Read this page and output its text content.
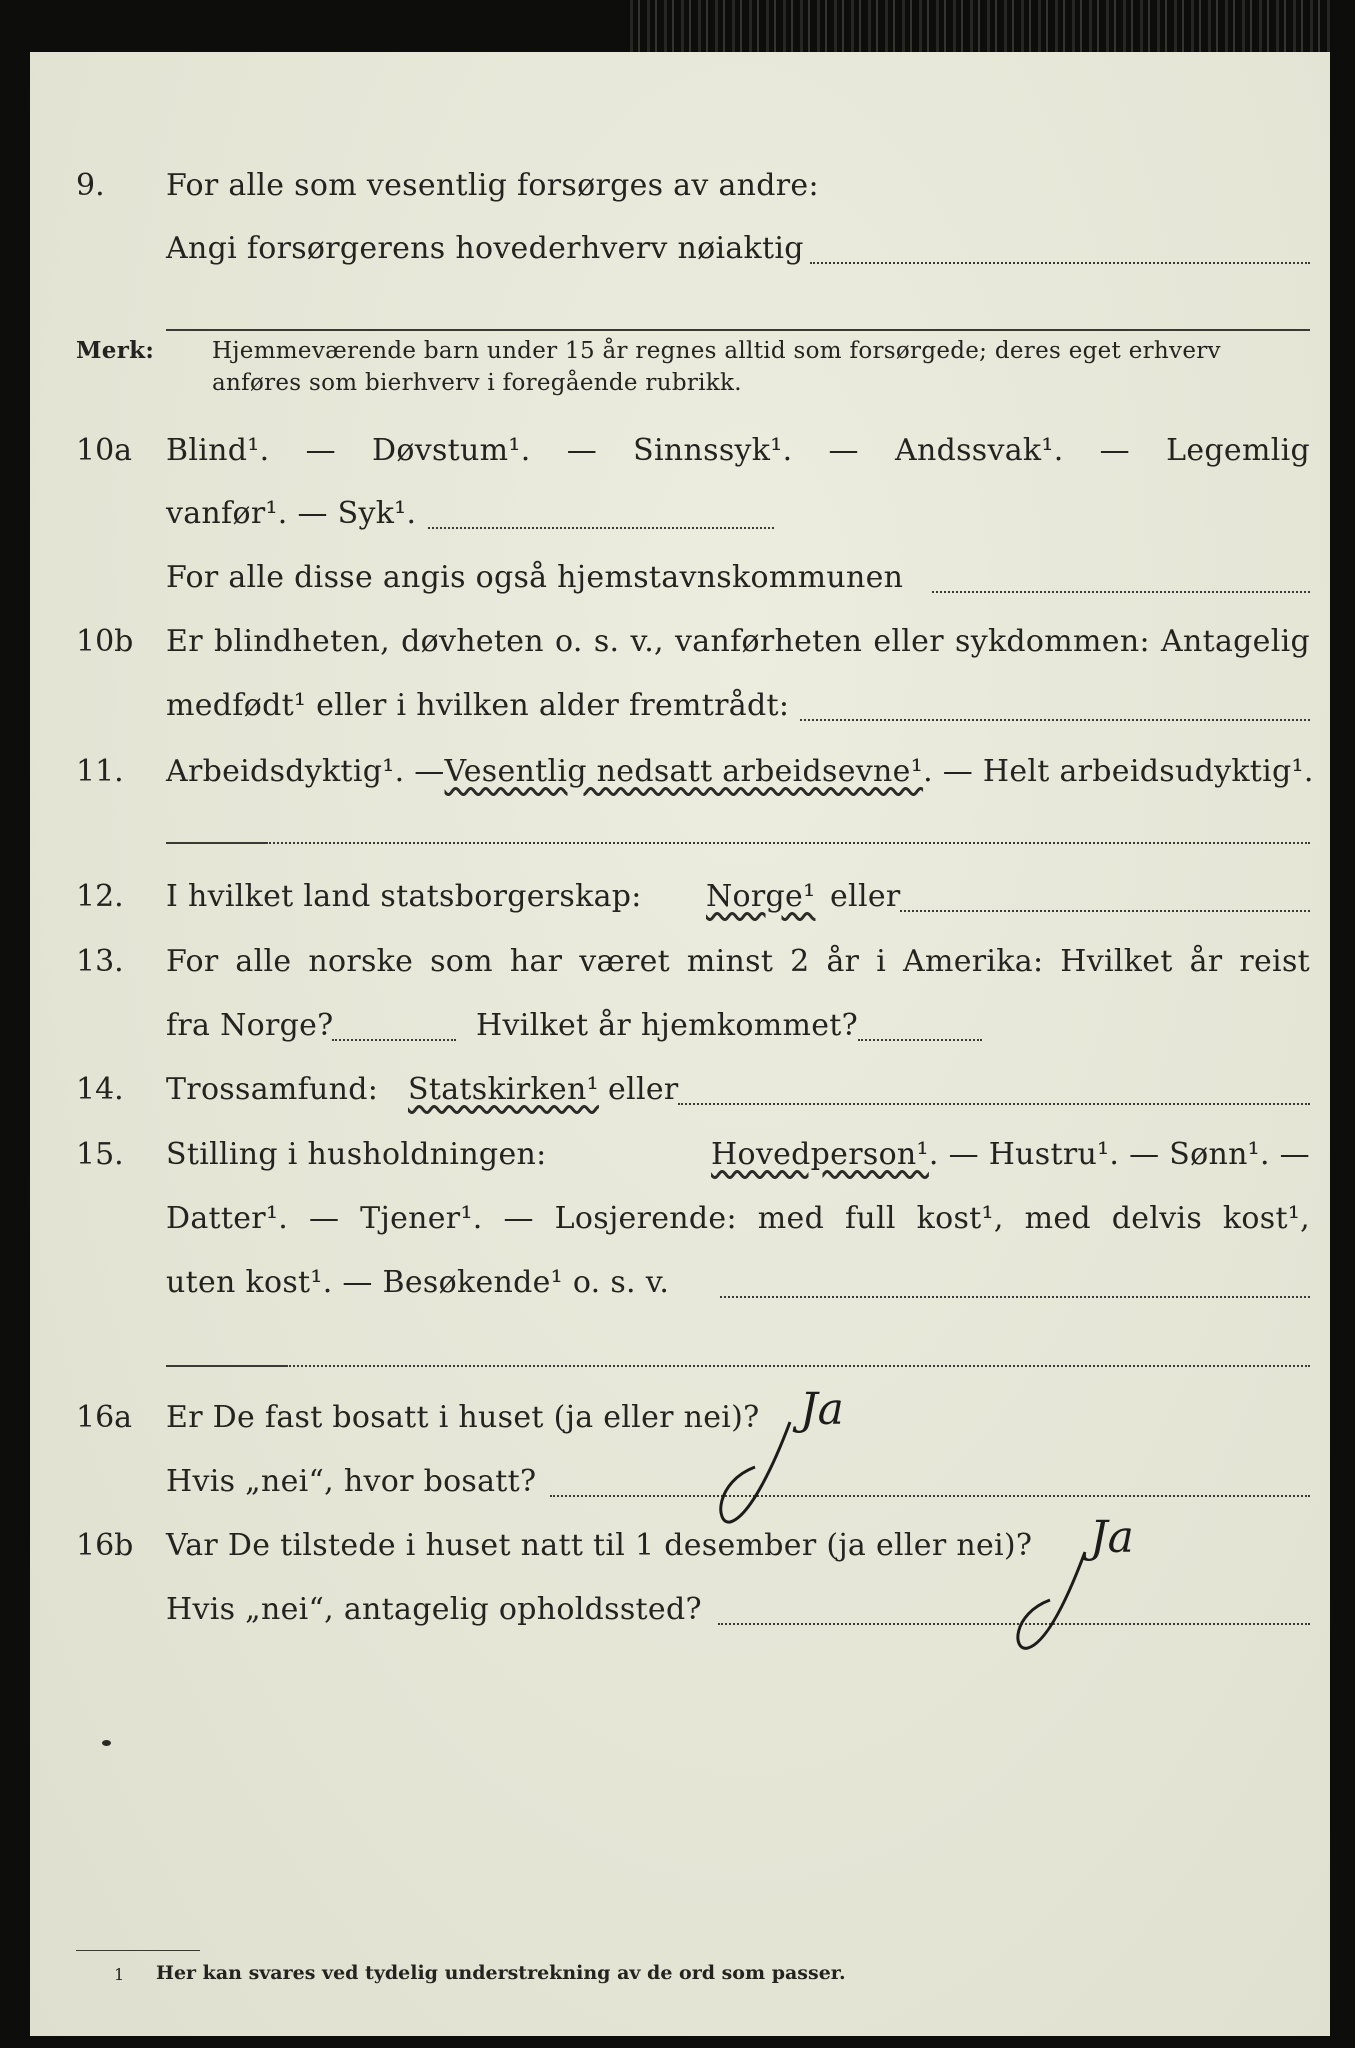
9. For alle som vesentlig forsørges av andre:
Angi forsørgerens hovederhverv nøiaktig
Merk:	Hjemmeværende barn under 15 år regnes alltid som forsørgede; deres eget erhverv
anføres som bierhverv i foregående rubrikk.
10a Blind¹. — Døvstum¹. — Sinnssyk¹. — Andssvak¹. — Legemlig
vanfør¹. — Syk¹.
For alle disse angis også hjemstavnskommunen
10b Er blindheten, døvheten o. s. v., vanførheten eller sykdommen: Antagelig
medfødt¹ eller i hvilken alder fremtrådt:
11. Arbeidsdyktig¹. — Vesentlig nedsatt arbeidsevne¹ . — Helt arbeidsudyktig¹.
12. I hvilket land statsborgerskap: Norge¹ eller
13. For alle norske som har været minst 2 år i Amerika: Hvilket år reist
fra Norge?	Hvilket år hjemkommet?
14. Trossamfund: Statskirken¹ eller
15. Stilling i husholdningen:	Hovedperson¹ . — Hustru¹. — Sønn¹. —
Datter¹. — Tjener¹. — Losjerende: med full kost¹, med delvis kost¹,
uten kost¹. — Besøkende¹ o. s. v.
16a Er De fast bosatt i huset (ja eller nei)? Ja
Hvis „nei“, hvor bosatt?
16b Var De tilstede i huset natt til 1 desember (ja eller nei)? Ja
Hvis „nei“, antagelig opholdssted?
1 Her kan svares ved tydelig understrekning av de ord som passer.
